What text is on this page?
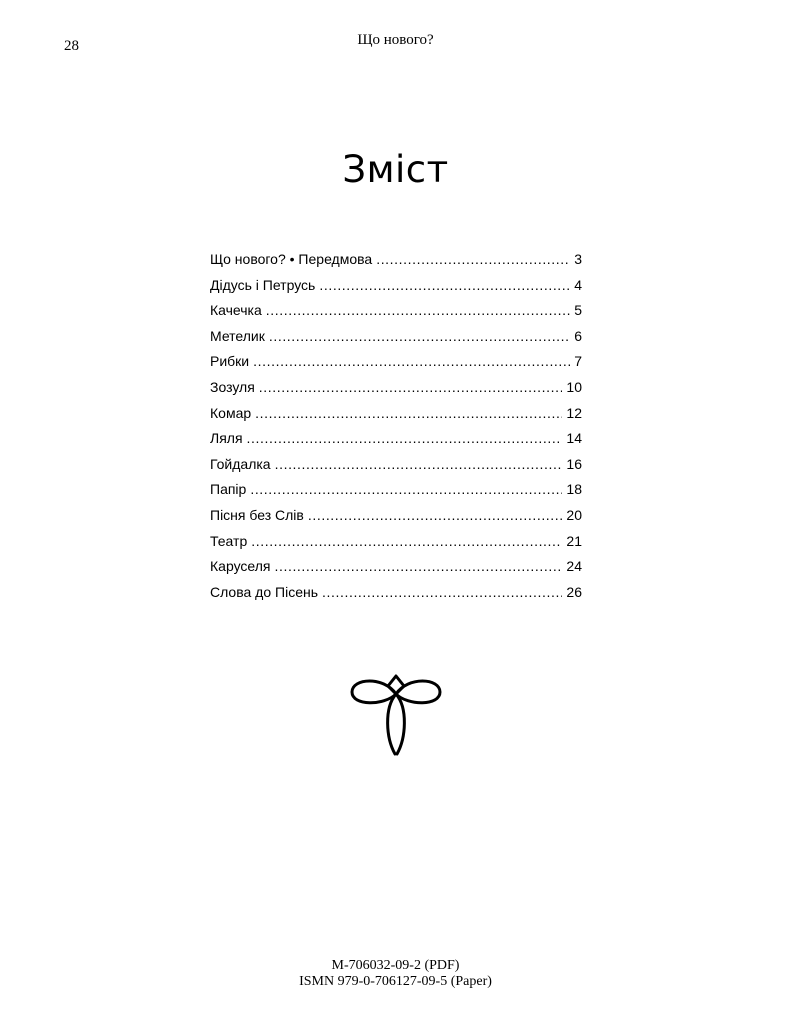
28	Що нового?
Зміст
Що нового? • Передмова .....	3
Дідусь і Петрусь .....	4
Качечка .....	5
Метелик .....	6
Рибки .....	7
Зозуля .....	10
Комар .....	12
Ляля .....	14
Гойдалка .....	16
Папір .....	18
Пісня без Слів .....	20
Театр .....	21
Каруселя .....	24
Слова до Пісень .....	26
M-706032-09-2 (PDF)
ISMN 979-0-706127-09-5 (Paper)
